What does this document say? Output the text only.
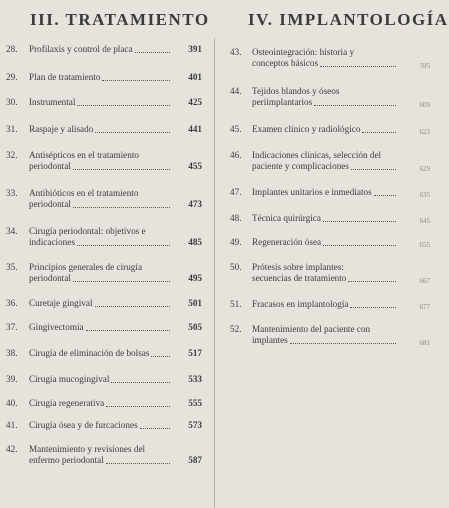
III. TRATAMIENTO
28. Profilaxis y control de placa	391
29. Plan de tratamiento	401
30. Instrumental	425
31. Raspaje y alisado	441
32. Antisépticos en el tratamiento
periodontal	455
33. Antibióticos en el tratamiento
periodontal	473
34. Cirugía periodontal: objetivos e
indicaciones	485
35. Principios generales de cirugía
periodontal	495
36. Curetaje gingival	501
37. Gingivectomía	505
38. Cirugía de eliminación de bolsas	517
39. Cirugía mucogingival	533
40. Cirugía regenerativa	555
41. Cirugía ósea y de furcaciones	573
42. Mantenimiento y revisiones del
enfermo periodontal	587
IV. IMPLANTOLOGÍA
43. Osteointegración: historia y
conceptos básicos	595
44. Tejidos blandos y óseos
periimplantarios	609
45. Examen clínico y radiológico	623
46. Indicaciones clínicas, selección del
paciente y complicaciones	629
47. Implantes unitarios e inmediatos	635
48. Técnica quirúrgica	645
49. Regeneración ósea	655
50. Prótesis sobre implantes:
secuencias de tratamiento	667
51. Fracasos en implantología	677
52. Mantenimiento del paciente con
implantes	681
